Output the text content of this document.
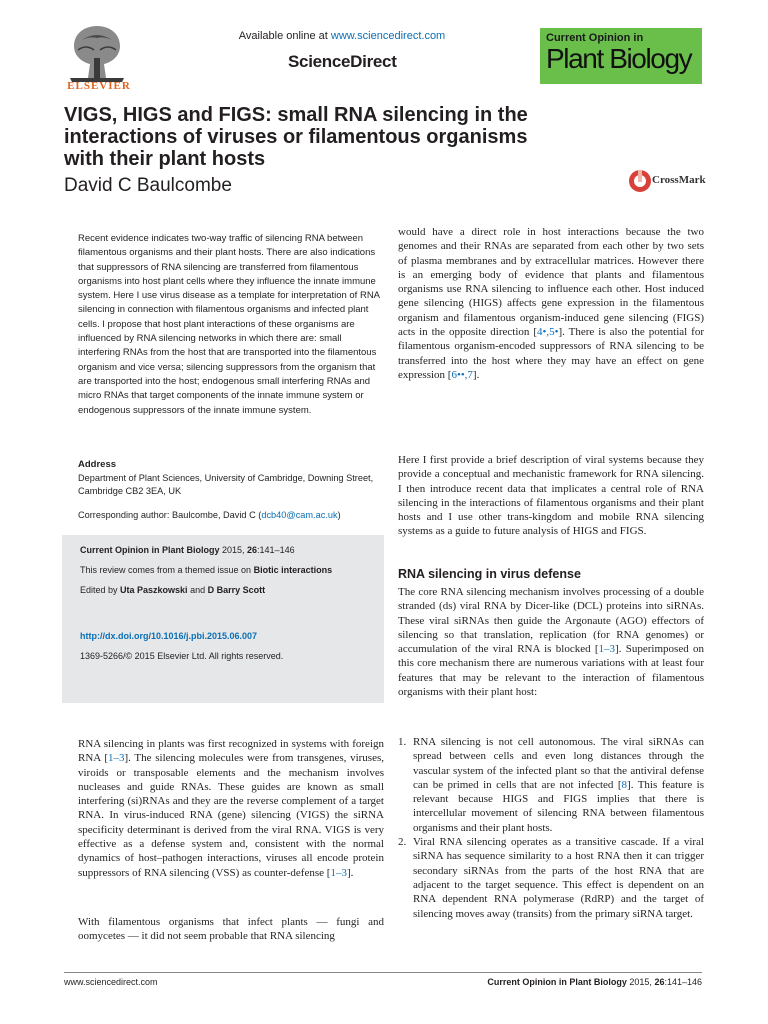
ELSEVIER
Available online at www.sciencedirect.com
ScienceDirect
Current Opinion in
Plant Biology
VIGS, HIGS and FIGS: small RNA silencing in the interactions of viruses or filamentous organisms with their plant hosts
David C Baulcombe	CrossMark
Recent evidence indicates two-way traffic of silencing RNA between filamentous organisms and their plant hosts. There are also indications that suppressors of RNA silencing are transferred from filamentous organisms into host plant cells where they influence the innate immune system. Here I use virus disease as a template for interpretation of RNA silencing in connection with filamentous organisms and infected plant cells. I propose that host plant interactions of these organisms are influenced by RNA silencing networks in which there are: small interfering RNAs from the host that are transported into the filamentous organism and vice versa; silencing suppressors from the organism that are transported into the host; endogenous small interfering RNAs and micro RNAs that target components of the innate immune system or endogenous suppressors of the innate immune system.
Address
Department of Plant Sciences, University of Cambridge, Downing Street, Cambridge CB2 3EA, UK
Corresponding author: Baulcombe, David C (dcb40@cam.ac.uk)
Current Opinion in Plant Biology 2015, 26:141–146
This review comes from a themed issue on Biotic interactions
Edited by Uta Paszkowski and D Barry Scott
http://dx.doi.org/10.1016/j.pbi.2015.06.007
1369-5266/© 2015 Elsevier Ltd. All rights reserved.
RNA silencing in plants was first recognized in systems with foreign RNA [1–3]. The silencing molecules were from transgenes, viruses, viroids or transposable elements and the mechanism involves nucleases and guide RNAs. These guides are known as small interfering (si)RNAs and they are the reverse complement of a target RNA. In virus-induced RNA (gene) silencing (VIGS) the siRNA specificity determinant is derived from the viral RNA. VIGS is very effective as a defense system and, consistent with the normal dynamics of host–pathogen interactions, viruses all encode protein suppressors of RNA silencing (VSS) as counter-defense [1–3].
With filamentous organisms that infect plants — fungi and oomycetes — it did not seem probable that RNA silencing
would have a direct role in host interactions because the two genomes and their RNAs are separated from each other by two sets of plasma membranes and by extracellular matrices. However there is an emerging body of evidence that plants and filamentous organisms use RNA silencing to influence each other. Host induced gene silencing (HIGS) affects gene expression in the filamentous organism and filamentous organism-induced gene silencing (FIGS) acts in the opposite direction [4•,5•]. There is also the potential for filamentous organism-encoded suppressors of RNA silencing to be transferred into the host where they may have an effect on gene expression [6••,7].
Here I first provide a brief description of viral systems because they provide a conceptual and mechanistic framework for RNA silencing. I then introduce recent data that implicates a central role of RNA silencing in the interactions of filamentous organisms and their plant hosts and I use other trans-kingdom and mobile RNA silencing systems as a guide to future analysis of HIGS and FIGS.
RNA silencing in virus defense
The core RNA silencing mechanism involves processing of a double stranded (ds) viral RNA by Dicer-like (DCL) proteins into siRNAs. These viral siRNAs then guide the Argonaute (AGO) effectors of silencing so that translation, replication (for RNA genomes) or accumulation of the viral RNA is blocked [1–3]. Superimposed on this core mechanism there are numerous variations with at least four features that may be relevant to the interaction of filamentous organisms with their plant host:
1. RNA silencing is not cell autonomous. The viral siRNAs can spread between cells and even long distances through the vascular system of the infected plant so that the antiviral defense can be primed in cells that are not infected [8]. This feature is relevant because HIGS and FIGS implies that there is intercellular movement of silencing RNA between filamentous organisms and their plant hosts.
2. Viral RNA silencing operates as a transitive cascade. If a viral siRNA has sequence similarity to a host RNA then it can trigger secondary siRNAs from the parts of the host RNA that are adjacent to the target sequence. This effect is dependent on an RNA dependent RNA polymerase (RdRP) and the target of silencing moves away (transits) from the primary siRNA target.
www.sciencedirect.com	Current Opinion in Plant Biology 2015, 26:141–146
